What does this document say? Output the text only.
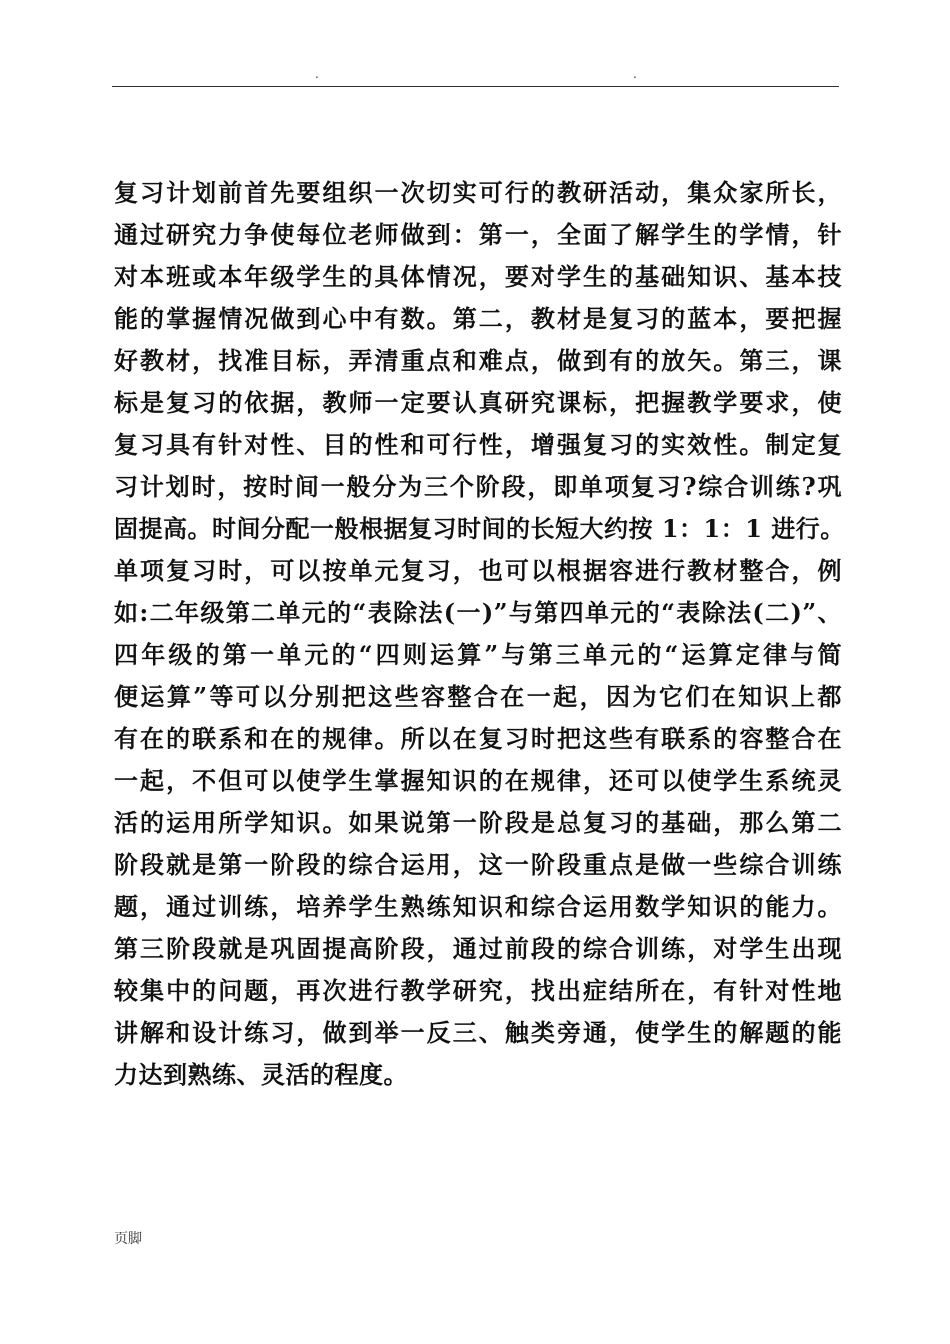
.	.
复习计划前首先要组织一次切实可行的教研活动，集众家所长，
通过研究力争使每位老师做到：第一，全面了解学生的学情，针
对本班或本年级学生的具体情况，要对学生的基础知识、基本技
能的掌握情况做到心中有数。第二，教材是复习的蓝本，要把握
好教材，找准目标，弄清重点和难点，做到有的放矢。第三，课
标是复习的依据，教师一定要认真研究课标，把握教学要求，使
复习具有针对性、目的性和可行性，增强复习的实效性。制定复
习计划时，按时间一般分为三个阶段，即单项复习?综合训练?巩
固提高。时间分配一般根据复习时间的长短大约按 1：1：1 进行。
单项复习时，可以按单元复习，也可以根据容进行教材整合，例
如:二年级第二单元的“表除法(一)”与第四单元的“表除法(二)”、
四年级的第一单元的“四则运算”与第三单元的“运算定律与简
便运算”等可以分别把这些容整合在一起，因为它们在知识上都
有在的联系和在的规律。所以在复习时把这些有联系的容整合在
一起，不但可以使学生掌握知识的在规律，还可以使学生系统灵
活的运用所学知识。如果说第一阶段是总复习的基础，那么第二
阶段就是第一阶段的综合运用，这一阶段重点是做一些综合训练
题，通过训练，培养学生熟练知识和综合运用数学知识的能力。
第三阶段就是巩固提高阶段，通过前段的综合训练，对学生出现
较集中的问题，再次进行教学研究，找出症结所在，有针对性地
讲解和设计练习，做到举一反三、触类旁通，使学生的解题的能
力达到熟练、灵活的程度。
页脚
